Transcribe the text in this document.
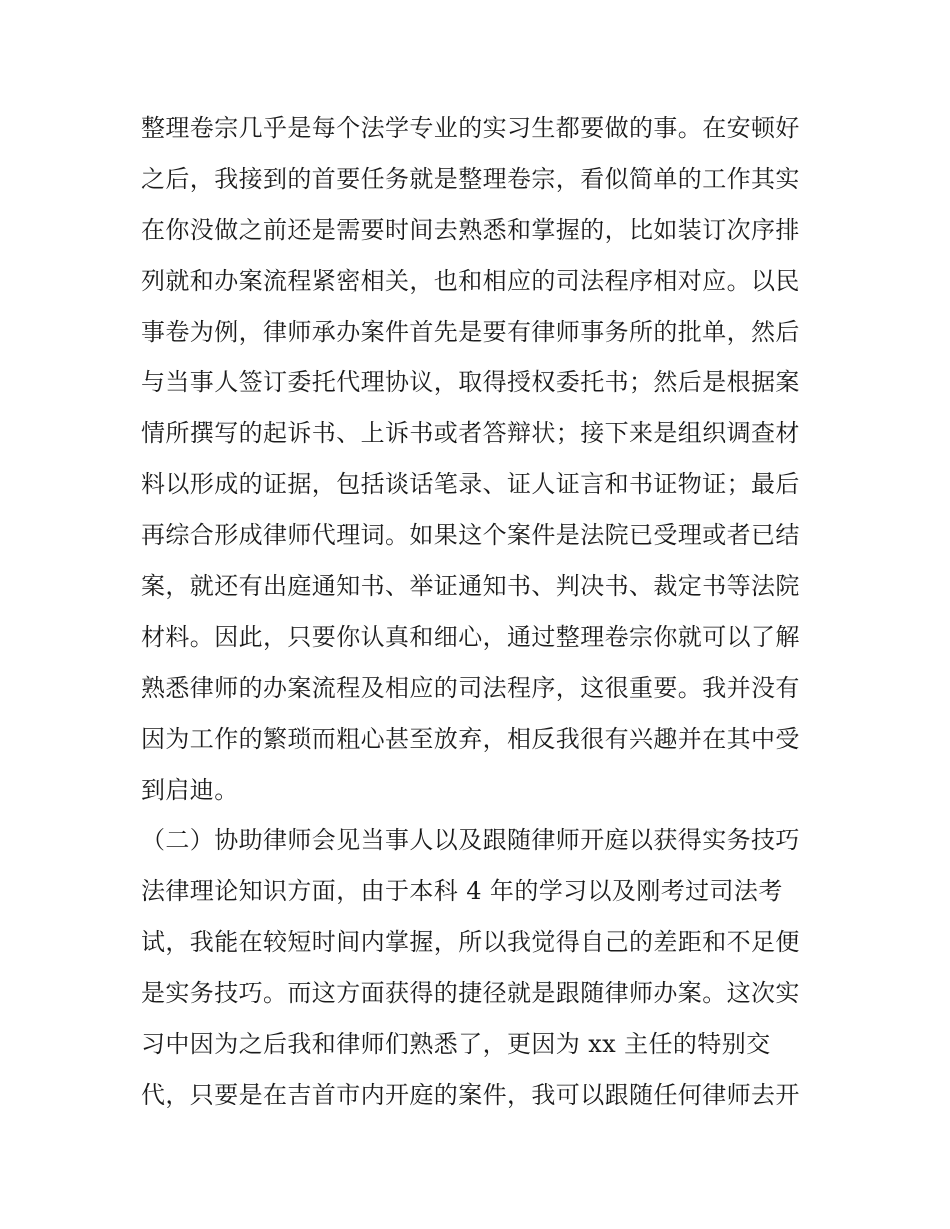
整理卷宗几乎是每个法学专业的实习生都要做的事。在安顿好
之后，我接到的首要任务就是整理卷宗，看似简单的工作其实
在你没做之前还是需要时间去熟悉和掌握的，比如装订次序排
列就和办案流程紧密相关，也和相应的司法程序相对应。以民
事卷为例，律师承办案件首先是要有律师事务所的批单，然后
与当事人签订委托代理协议，取得授权委托书；然后是根据案
情所撰写的起诉书、上诉书或者答辩状；接下来是组织调查材
料以形成的证据，包括谈话笔录、证人证言和书证物证；最后
再综合形成律师代理词。如果这个案件是法院已受理或者已结
案，就还有出庭通知书、举证通知书、判决书、裁定书等法院
材料。因此，只要你认真和细心，通过整理卷宗你就可以了解
熟悉律师的办案流程及相应的司法程序，这很重要。我并没有
因为工作的繁琐而粗心甚至放弃，相反我很有兴趣并在其中受
到启迪。
（二）协助律师会见当事人以及跟随律师开庭以获得实务技巧
法律理论知识方面，由于本科 4 年的学习以及刚考过司法考
试，我能在较短时间内掌握，所以我觉得自己的差距和不足便
是实务技巧。而这方面获得的捷径就是跟随律师办案。这次实
习中因为之后我和律师们熟悉了，更因为 xx 主任的特别交
代，只要是在吉首市内开庭的案件，我可以跟随任何律师去开
